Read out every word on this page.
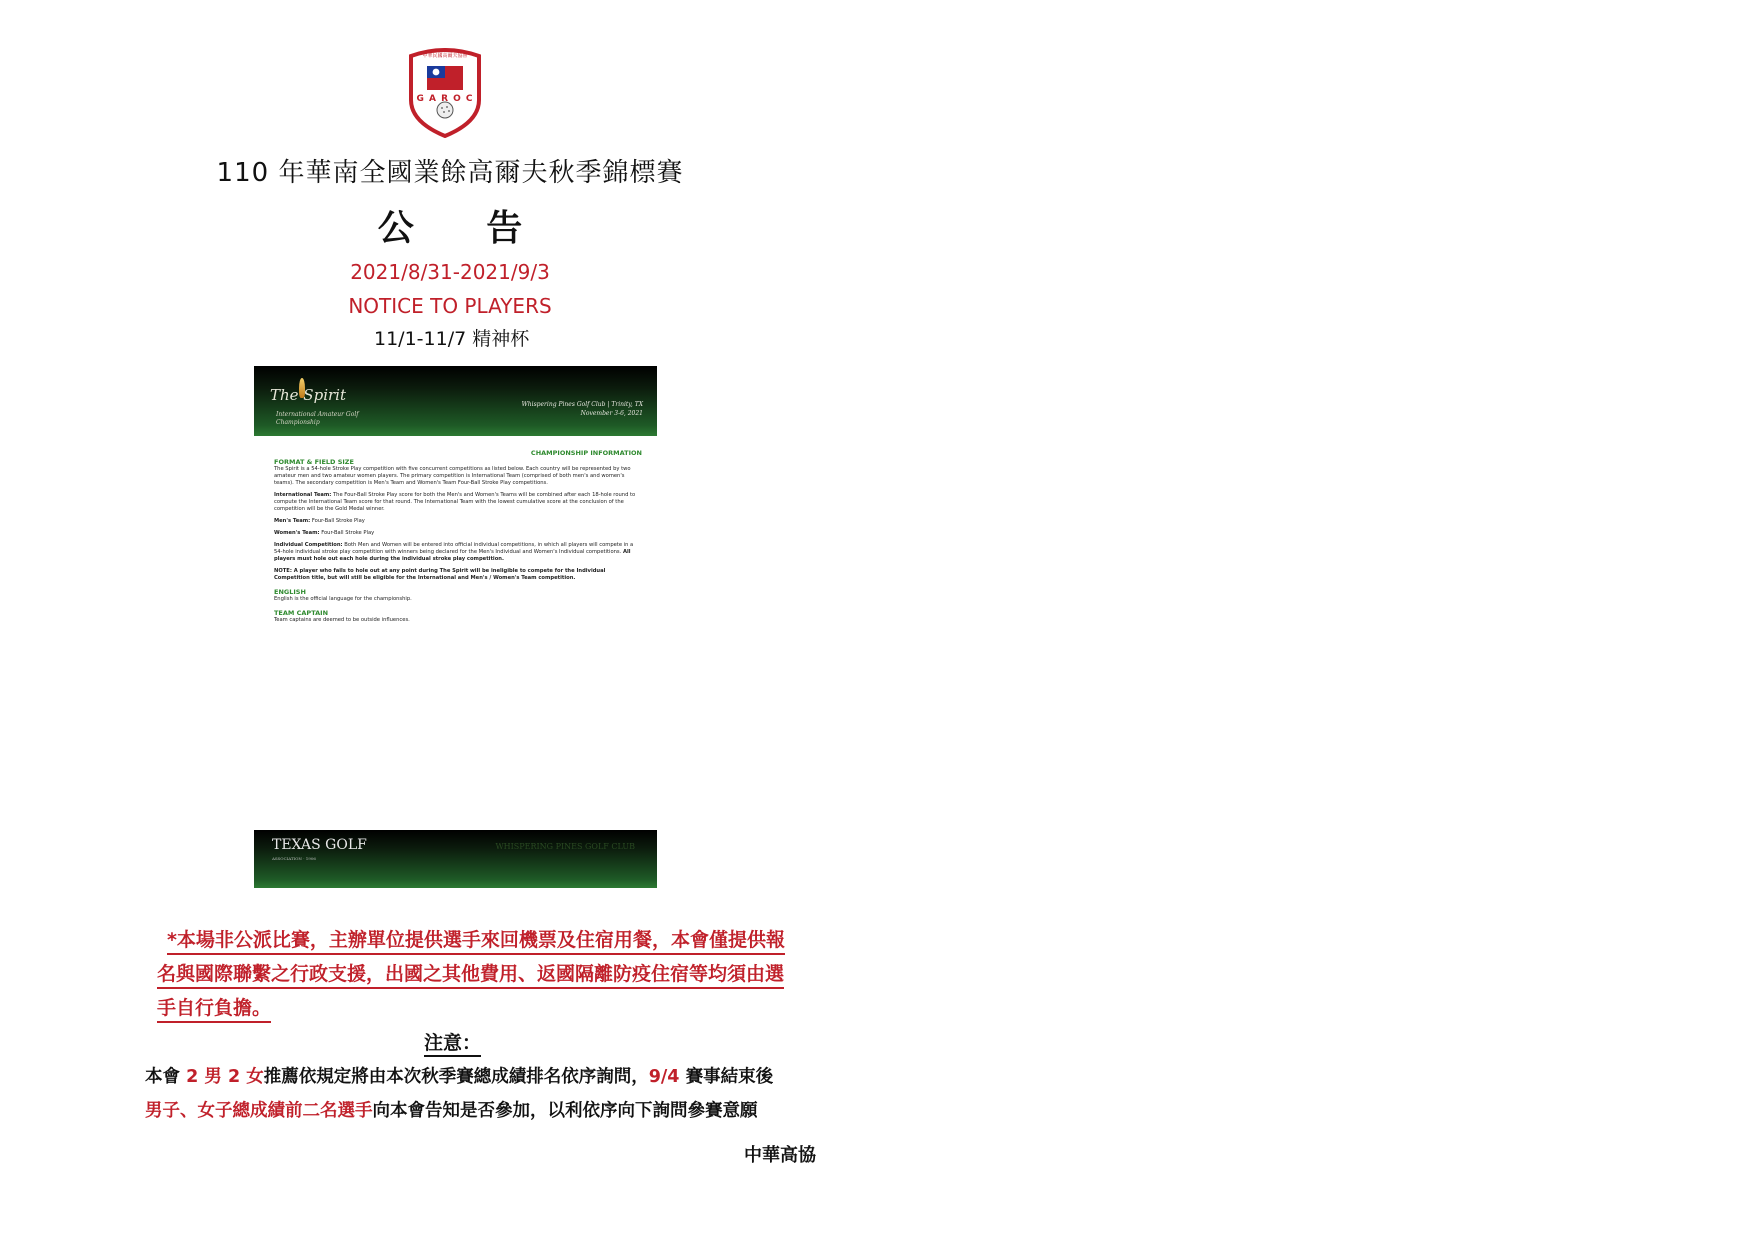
中華民國高爾夫協會
G A R O C
110 年華南全國業餘高爾夫秋季錦標賽
公 告
2021/8/31-2021/9/3
NOTICE TO PLAYERS
11/1-11/7 精神杯
The Spirit
International Amateur Golf Championship
Whispering Pines Golf Club | Trinity, TX
November 3-6, 2021
CHAMPIONSHIP INFORMATION
FORMAT & FIELD SIZE
The Spirit is a 54-hole Stroke Play competition with five concurrent competitions as listed below. Each country will be represented by two amateur men and two amateur women players. The primary competition is International Team (comprised of both men's and women's teams). The secondary competition is Men's Team and Women's Team Four-Ball Stroke Play competitions.
International Team: The Four-Ball Stroke Play score for both the Men's and Women's Teams will be combined after each 18-hole round to compute the International Team score for that round. The International Team with the lowest cumulative score at the conclusion of the competition will be the Gold Medal winner.
Men's Team: Four-Ball Stroke Play
Women's Team: Four-Ball Stroke Play
Individual Competition: Both Men and Women will be entered into official individual competitions, in which all players will compete in a 54-hole individual stroke play competition with winners being declared for the Men's Individual and Women's Individual competitions. All players must hole out each hole during the individual stroke play competition.
NOTE: A player who fails to hole out at any point during The Spirit will be ineligible to compete for the Individual Competition title, but will still be eligible for the International and Men's / Women's Team competition.
ENGLISH
English is the official language for the championship.
TEAM CAPTAIN
Team captains are deemed to be outside influences.
TEXAS GOLF
ASSOCIATION · 1906
WHISPERING PINES GOLF CLUB
*本場非公派比賽，主辦單位提供選手來回機票及住宿用餐，本會僅提供報
名與國際聯繫之行政支援，出國之其他費用、返國隔離防疫住宿等均須由選
手自行負擔。
注意：
本會 2 男 2 女推薦依規定將由本次秋季賽總成績排名依序詢問，9/4 賽事結束後
男子、女子總成績前二名選手向本會告知是否參加，以利依序向下詢問參賽意願
中華高協
